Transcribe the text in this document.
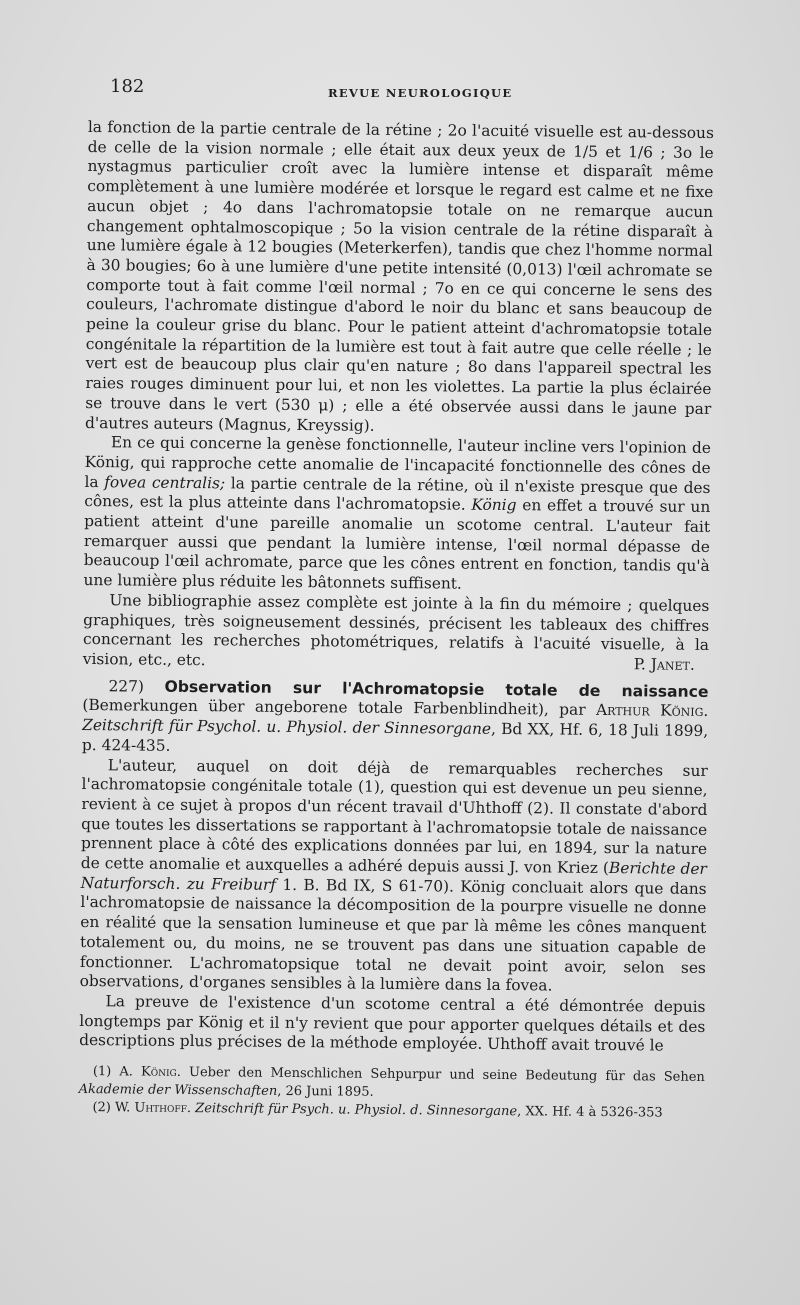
182	REVUE NEUROLOGIQUE

la fonction de la partie centrale de la rétine ; 2o l'acuité visuelle est au-dessous de celle de la vision normale ; elle était aux deux yeux de 1/5 et 1/6 ; 3o le nystagmus particulier croît avec la lumière intense et disparaît même complètement à une lumière modérée et lorsque le regard est calme et ne fixe aucun objet ; 4o dans l'achromatopsie totale on ne remarque aucun changement ophtalmoscopique ; 5o la vision centrale de la rétine disparaît à une lumière égale à 12 bougies (Meterkerfen), tandis que chez l'homme normal à 30 bougies; 6o à une lumière d'une petite intensité (0,013) l'œil achromate se comporte tout à fait comme l'œil normal ; 7o en ce qui concerne le sens des couleurs, l'achromate distingue d'abord le noir du blanc et sans beaucoup de peine la couleur grise du blanc. Pour le patient atteint d'achromatopsie totale congénitale la répartition de la lumière est tout à fait autre que celle réelle ; le vert est de beaucoup plus clair qu'en nature ; 8o dans l'appareil spectral les raies rouges diminuent pour lui, et non les violettes. La partie la plus éclairée se trouve dans le vert (530 μ) ; elle a été observée aussi dans le jaune par d'autres auteurs (Magnus, Kreyssig).

En ce qui concerne la genèse fonctionnelle, l'auteur incline vers l'opinion de König, qui rapproche cette anomalie de l'incapacité fonctionnelle des cônes de la fovea centralis; la partie centrale de la rétine, où il n'existe presque que des cônes, est la plus atteinte dans l'achromatopsie. König en effet a trouvé sur un patient atteint d'une pareille anomalie un scotome central. L'auteur fait remarquer aussi que pendant la lumière intense, l'œil normal dépasse de beaucoup l'œil achromate, parce que les cônes entrent en fonction, tandis qu'à une lumière plus réduite les bâtonnets suffisent.

Une bibliographie assez complète est jointe à la fin du mémoire ; quelques graphiques, très soigneusement dessinés, précisent les tableaux des chiffres concernant les recherches photométriques, relatifs à l'acuité visuelle, à la vision, etc., etc.	P. Janet.

227) Observation sur l'Achromatopsie totale de naissance (Bemerkungen über angeborene totale Farbenblindheit), par Arthur König. Zeitschrift für Psychol. u. Physiol. der Sinnesorgane, Bd XX, Hf. 6, 18 Juli 1899, p. 424-435.

L'auteur, auquel on doit déjà de remarquables recherches sur l'achromatopsie congénitale totale (1), question qui est devenue un peu sienne, revient à ce sujet à propos d'un récent travail d'Uhthoff (2). Il constate d'abord que toutes les dissertations se rapportant à l'achromatopsie totale de naissance prennent place à côté des explications données par lui, en 1894, sur la nature de cette anomalie et auxquelles a adhéré depuis aussi J. von Kriez (Berichte der Naturforsch. zu Freiburf 1. B. Bd IX, S 61-70). König concluait alors que dans l'achromatopsie de naissance la décomposition de la pourpre visuelle ne donne en réalité que la sensation lumineuse et que par là même les cônes manquent totalement ou, du moins, ne se trouvent pas dans une situation capable de fonctionner. L'achromatopsique total ne devait point avoir, selon ses observations, d'organes sensibles à la lumière dans la fovea.

La preuve de l'existence d'un scotome central a été démontrée depuis longtemps par König et il n'y revient que pour apporter quelques détails et des descriptions plus précises de la méthode employée. Uhthoff avait trouvé le

(1) A. König. Ueber den Menschlichen Sehpurpur und seine Bedeutung für das Sehen Akademie der Wissenschaften, 26 Juni 1895.

(2) W. Uhthoff. Zeitschrift für Psych. u. Physiol. d. Sinnesorgane, XX. Hf. 4 à 5326-353
